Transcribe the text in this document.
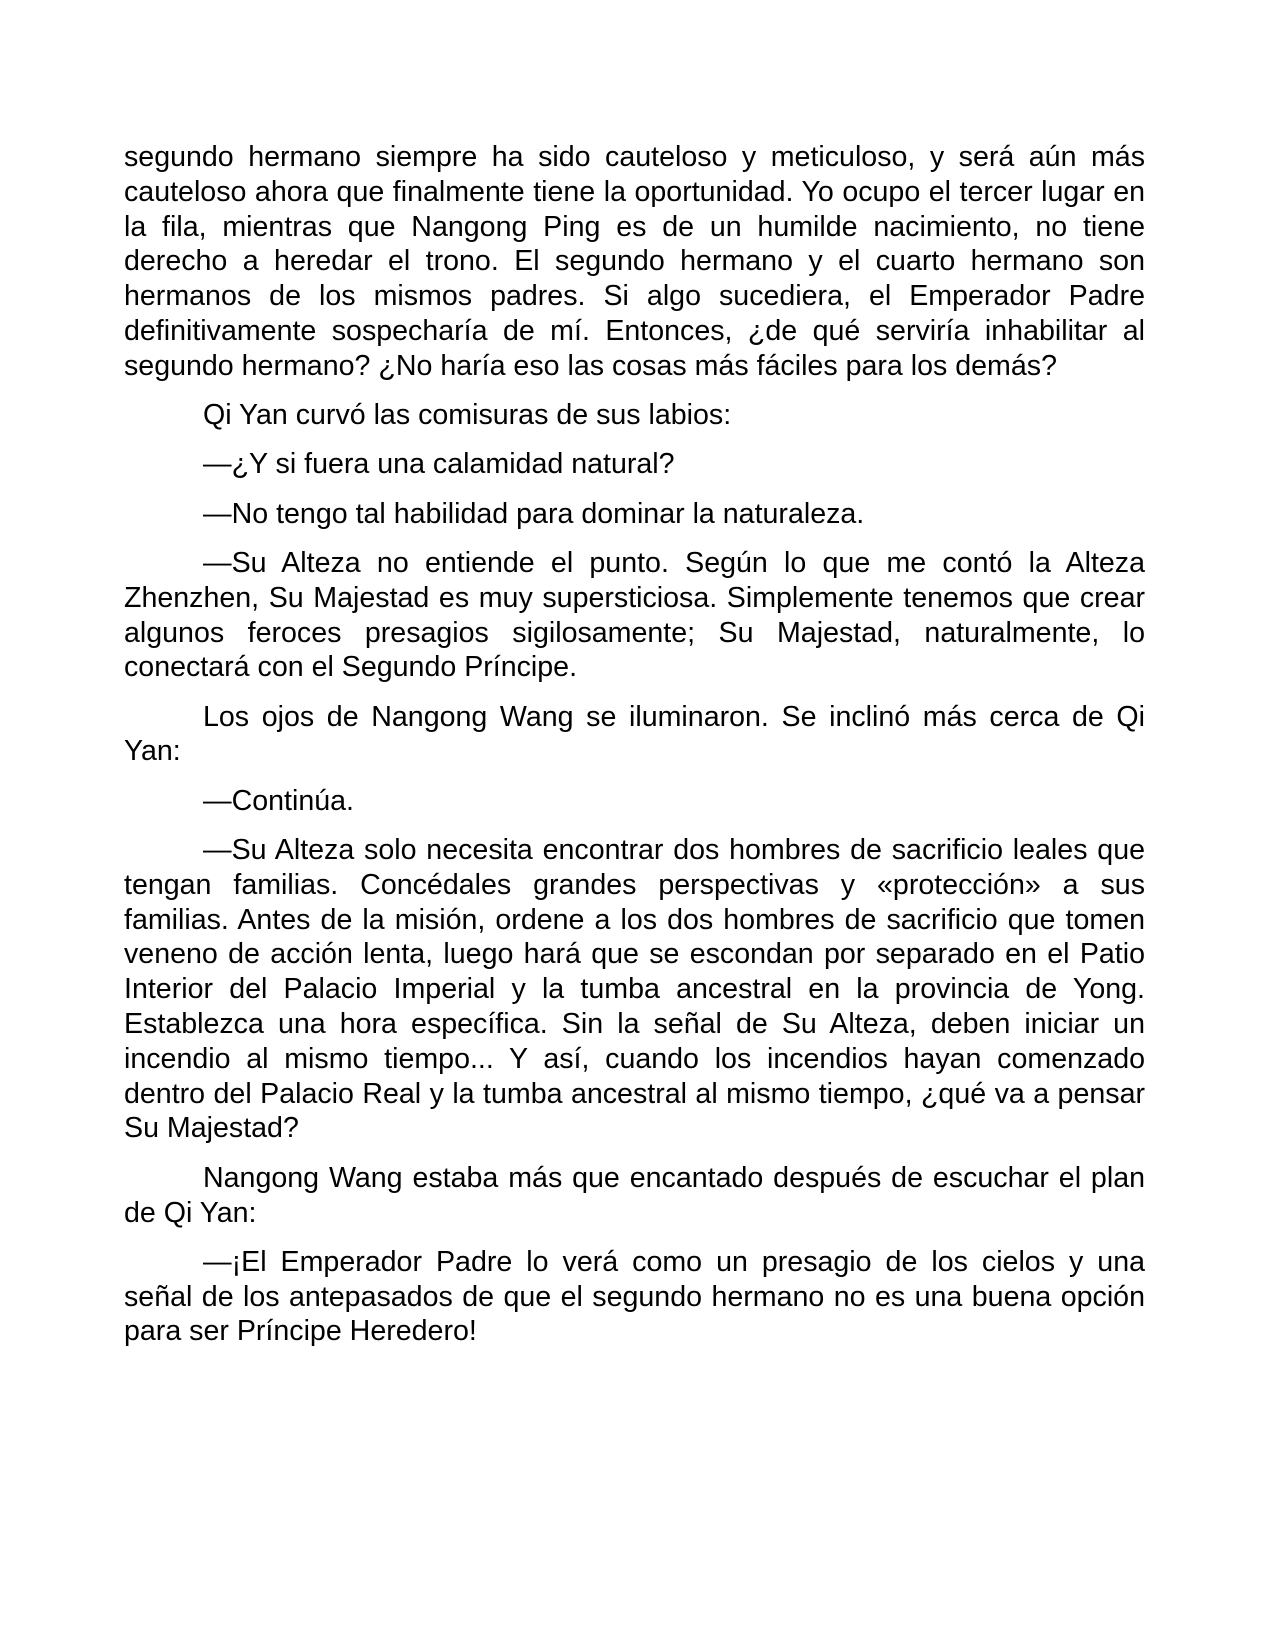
segundo hermano siempre ha sido cauteloso y meticuloso, y será aún más cauteloso ahora que finalmente tiene la oportunidad. Yo ocupo el tercer lugar en la fila, mientras que Nangong Ping es de un humilde nacimiento, no tiene derecho a heredar el trono. El segundo hermano y el cuarto hermano son hermanos de los mismos padres. Si algo sucediera, el Emperador Padre definitivamente sospecharía de mí. Entonces, ¿de qué serviría inhabilitar al segundo hermano? ¿No haría eso las cosas más fáciles para los demás?

Qi Yan curvó las comisuras de sus labios:

—¿Y si fuera una calamidad natural?

—No tengo tal habilidad para dominar la naturaleza.

—Su Alteza no entiende el punto. Según lo que me contó la Alteza Zhenzhen, Su Majestad es muy supersticiosa. Simplemente tenemos que crear algunos feroces presagios sigilosamente; Su Majestad, naturalmente, lo conectará con el Segundo Príncipe.

Los ojos de Nangong Wang se iluminaron. Se inclinó más cerca de Qi Yan:

—Continúa.

—Su Alteza solo necesita encontrar dos hombres de sacrificio leales que tengan familias. Concédales grandes perspectivas y «protección» a sus familias. Antes de la misión, ordene a los dos hombres de sacrificio que tomen veneno de acción lenta, luego hará que se escondan por separado en el Patio Interior del Palacio Imperial y la tumba ancestral en la provincia de Yong. Establezca una hora específica. Sin la señal de Su Alteza, deben iniciar un incendio al mismo tiempo... Y así, cuando los incendios hayan comenzado dentro del Palacio Real y la tumba ancestral al mismo tiempo, ¿qué va a pensar Su Majestad?

Nangong Wang estaba más que encantado después de escuchar el plan de Qi Yan:

—¡El Emperador Padre lo verá como un presagio de los cielos y una señal de los antepasados de que el segundo hermano no es una buena opción para ser Príncipe Heredero!
